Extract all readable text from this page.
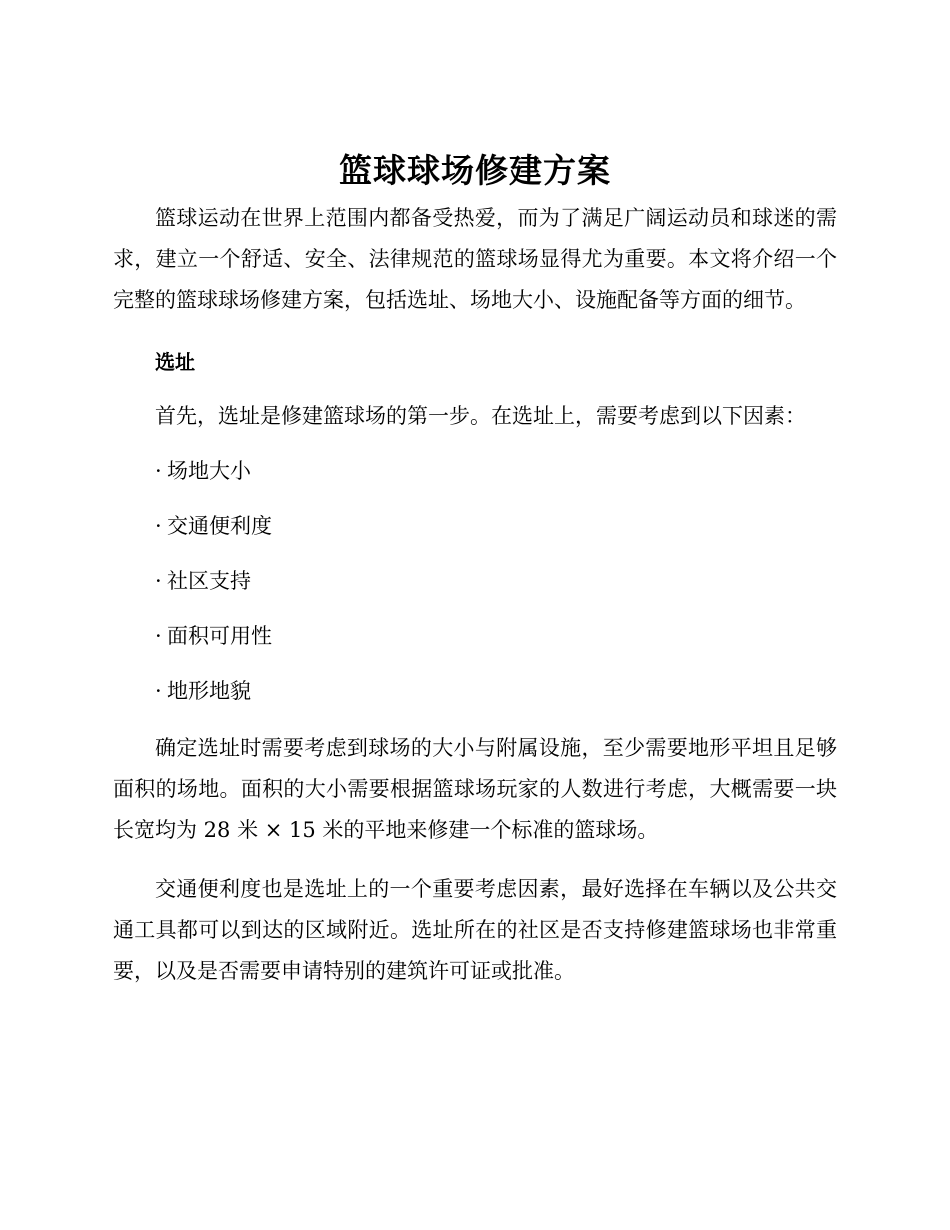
篮球球场修建方案

篮球运动在世界上范围内都备受热爱，而为了满足广阔运动员和球迷的需求，建立一个舒适、安全、法律规范的篮球场显得尤为重要。本文将介绍一个完整的篮球球场修建方案，包括选址、场地大小、设施配备等方面的细节。

选址
首先，选址是修建篮球场的第一步。在选址上，需要考虑到以下因素：
· 场地大小
· 交通便利度
· 社区支持
· 面积可用性
· 地形地貌

确定选址时需要考虑到球场的大小与附属设施，至少需要地形平坦且足够面积的场地。面积的大小需要根据篮球场玩家的人数进行考虑，大概需要一块长宽均为 28 米 × 15 米的平地来修建一个标准的篮球场。

交通便利度也是选址上的一个重要考虑因素，最好选择在车辆以及公共交通工具都可以到达的区域附近。选址所在的社区是否支持修建篮球场也非常重要，以及是否需要申请特别的建筑许可证或批准。
